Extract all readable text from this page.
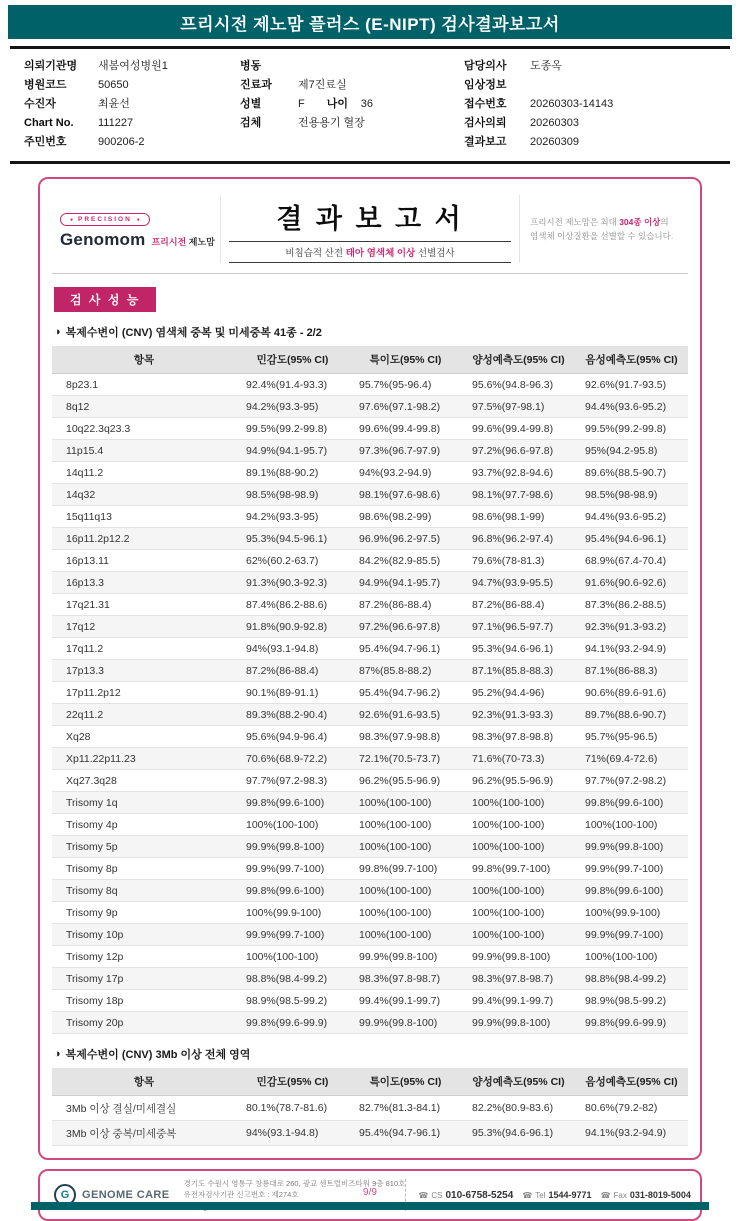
프리시전 제노맘 플러스 (E-NIPT) 검사결과보고서
의뢰기관명	새봄여성병원1
병원코드	50650
수진자	최윤선
Chart No.	111227
주민번호	900206-2
병동
진료과	제7진료실
성별	F 나이	36
검체	전용용기 혈장
담당의사	도종옥
임상정보
접수번호	20260303-14143
검사의뢰	20260303
결과보고	20260309
● PRECISION ●
Genomom 프리시전 제노맘
결 과 보 고 서
비침습적 산전 태아 염색체 이상 선별검사
프리시전 제노맘은 최대 304종 이상의
염색체 이상질환을 선별할 수 있습니다.
검 사 성 능
◑ 복제수변이 (CNV) 염색체 중복 및 미세중복 41종 - 2/2
항목	민감도(95% CI)	특이도(95% CI)	양성예측도(95% CI)	음성예측도(95% CI)
8p23.1	92.4%(91.4-93.3)	95.7%(95-96.4)	95.6%(94.8-96.3)	92.6%(91.7-93.5)
8q12	94.2%(93.3-95)	97.6%(97.1-98.2)	97.5%(97-98.1)	94.4%(93.6-95.2)
10q22.3q23.3	99.5%(99.2-99.8)	99.6%(99.4-99.8)	99.6%(99.4-99.8)	99.5%(99.2-99.8)
11p15.4	94.9%(94.1-95.7)	97.3%(96.7-97.9)	97.2%(96.6-97.8)	95%(94.2-95.8)
14q11.2	89.1%(88-90.2)	94%(93.2-94.9)	93.7%(92.8-94.6)	89.6%(88.5-90.7)
14q32	98.5%(98-98.9)	98.1%(97.6-98.6)	98.1%(97.7-98.6)	98.5%(98-98.9)
15q11q13	94.2%(93.3-95)	98.6%(98.2-99)	98.6%(98.1-99)	94.4%(93.6-95.2)
16p11.2p12.2	95.3%(94.5-96.1)	96.9%(96.2-97.5)	96.8%(96.2-97.4)	95.4%(94.6-96.1)
16p13.11	62%(60.2-63.7)	84.2%(82.9-85.5)	79.6%(78-81.3)	68.9%(67.4-70.4)
16p13.3	91.3%(90.3-92.3)	94.9%(94.1-95.7)	94.7%(93.9-95.5)	91.6%(90.6-92.6)
17q21.31	87.4%(86.2-88.6)	87.2%(86-88.4)	87.2%(86-88.4)	87.3%(86.2-88.5)
17q12	91.8%(90.9-92.8)	97.2%(96.6-97.8)	97.1%(96.5-97.7)	92.3%(91.3-93.2)
17q11.2	94%(93.1-94.8)	95.4%(94.7-96.1)	95.3%(94.6-96.1)	94.1%(93.2-94.9)
17p13.3	87.2%(86-88.4)	87%(85.8-88.2)	87.1%(85.8-88.3)	87.1%(86-88.3)
17p11.2p12	90.1%(89-91.1)	95.4%(94.7-96.2)	95.2%(94.4-96)	90.6%(89.6-91.6)
22q11.2	89.3%(88.2-90.4)	92.6%(91.6-93.5)	92.3%(91.3-93.3)	89.7%(88.6-90.7)
Xq28	95.6%(94.9-96.4)	98.3%(97.9-98.8)	98.3%(97.8-98.8)	95.7%(95-96.5)
Xp11.22p11.23	70.6%(68.9-72.2)	72.1%(70.5-73.7)	71.6%(70-73.3)	71%(69.4-72.6)
Xq27.3q28	97.7%(97.2-98.3)	96.2%(95.5-96.9)	96.2%(95.5-96.9)	97.7%(97.2-98.2)
Trisomy 1q	99.8%(99.6-100)	100%(100-100)	100%(100-100)	99.8%(99.6-100)
Trisomy 4p	100%(100-100)	100%(100-100)	100%(100-100)	100%(100-100)
Trisomy 5p	99.9%(99.8-100)	100%(100-100)	100%(100-100)	99.9%(99.8-100)
Trisomy 8p	99.9%(99.7-100)	99.8%(99.7-100)	99.8%(99.7-100)	99.9%(99.7-100)
Trisomy 8q	99.8%(99.6-100)	100%(100-100)	100%(100-100)	99.8%(99.6-100)
Trisomy 9p	100%(99.9-100)	100%(100-100)	100%(100-100)	100%(99.9-100)
Trisomy 10p	99.9%(99.7-100)	100%(100-100)	100%(100-100)	99.9%(99.7-100)
Trisomy 12p	100%(100-100)	99.9%(99.8-100)	99.9%(99.8-100)	100%(100-100)
Trisomy 17p	98.8%(98.4-99.2)	98.3%(97.8-98.7)	98.3%(97.8-98.7)	98.8%(98.4-99.2)
Trisomy 18p	98.9%(98.5-99.2)	99.4%(99.1-99.7)	99.4%(99.1-99.7)	98.9%(98.5-99.2)
Trisomy 20p	99.8%(99.6-99.9)	99.9%(99.8-100)	99.9%(99.8-100)	99.8%(99.6-99.9)
◑ 복제수변이 (CNV) 3Mb 이상 전체 영역
항목	민감도(95% CI)	특이도(95% CI)	양성예측도(95% CI)	음성예측도(95% CI)
3Mb 이상 결실/미세결실	80.1%(78.7-81.6)	82.7%(81.3-84.1)	82.2%(80.9-83.6)	80.6%(79.2-82)
3Mb 이상 중복/미세중복	94%(93.1-94.8)	95.4%(94.7-96.1)	95.3%(94.6-96.1)	94.1%(93.2-94.9)
G GENOME CARE
경기도 수원시 영통구 창룡대로 260, 광교 센트럴비즈타워 9층 810호
유전자검사기관 신고번호 : 제274호	☎ CS 010-6758-5254 ☎ Tel 1544-9771 ☎ Fax 031-8019-5004
9/9
